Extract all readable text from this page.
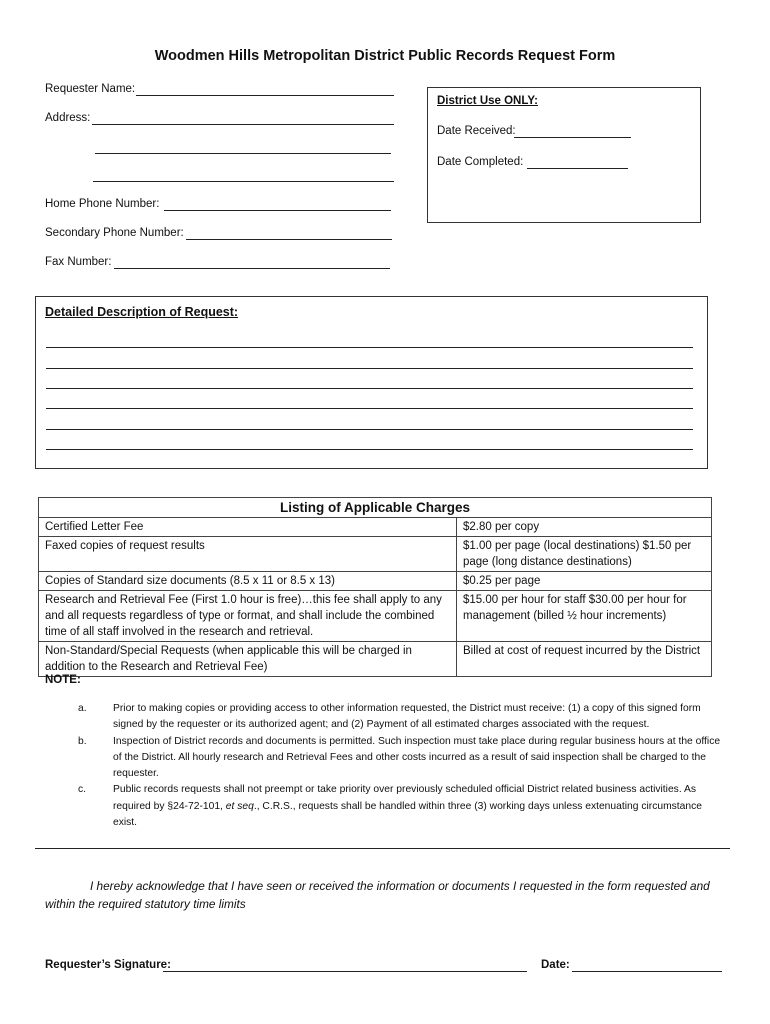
Woodmen Hills Metropolitan District Public Records Request Form
Requester Name:
Address:
Home Phone Number:
Secondary Phone Number:
Fax Number:
District Use ONLY:
Date Received:
Date Completed:
Detailed Description of Request:
Listing of Applicable Charges	
Certified Letter Fee	$2.80 per copy
Faxed copies of request results	$1.00 per page (local destinations) $1.50 per page (long distance destinations)
Copies of Standard size documents (8.5 x 11 or 8.5 x 13)	$0.25 per page
Research and Retrieval Fee (First 1.0 hour is free)…this fee shall apply to any and all requests regardless of type or format, and shall include the combined time of all staff involved in the research and retrieval.	$15.00 per hour for staff $30.00 per hour for management (billed ½ hour increments)
Non-Standard/Special Requests (when applicable this will be charged in addition to the Research and Retrieval Fee)	Billed at cost of request incurred by the District
NOTE:
a.	Prior to making copies or providing access to other information requested, the District must receive: (1) a copy of this signed form signed by the requester or its authorized agent; and (2) Payment of all estimated charges associated with the request.
b.	Inspection of District records and documents is permitted. Such inspection must take place during regular business hours at the office of the District. All hourly research and Retrieval Fees and other costs incurred as a result of said inspection shall be charged to the requester.
c.	Public records requests shall not preempt or take priority over previously scheduled official District related business activities. As required by §24-72-101, et seq., C.R.S., requests shall be handled within three (3) working days unless extenuating circumstance exist.
I hereby acknowledge that I have seen or received the information or documents I requested in the form requested and within the required statutory time limits
Requester’s Signature:	Date:
